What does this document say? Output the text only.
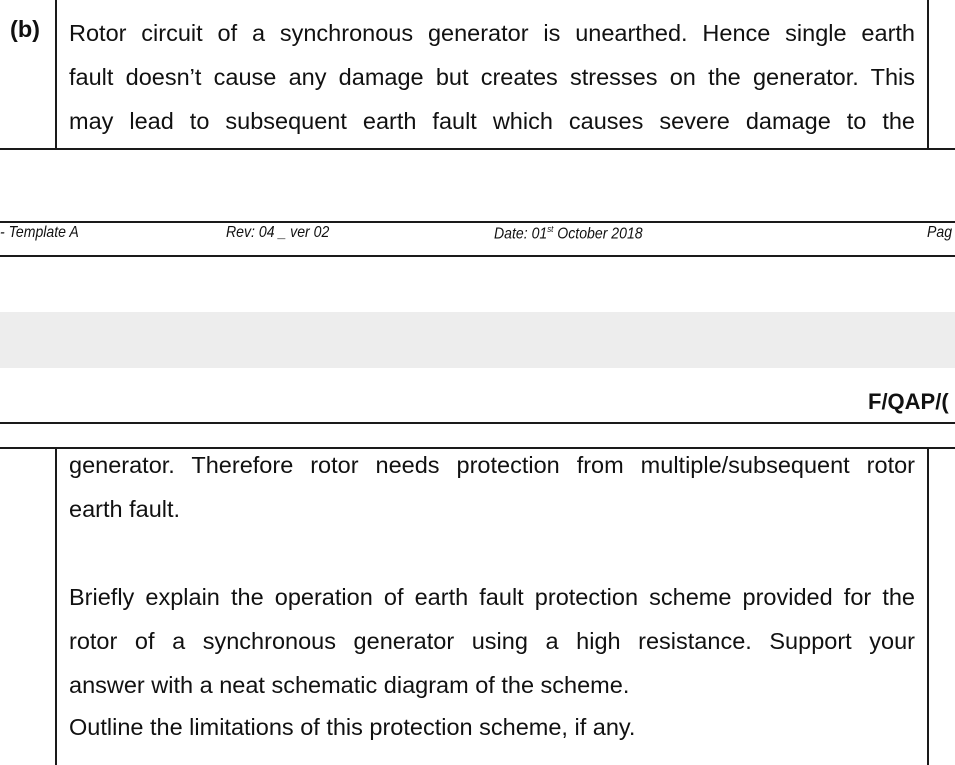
(b) Rotor circuit of a synchronous generator is unearthed. Hence single earth
fault doesn’t cause any damage but creates stresses on the generator. This
may lead to subsequent earth fault which causes severe damage to the
- Template A	Rev: 04 _ ver 02	Date: 01st October 2018	Pag
F/QAP/(
generator. Therefore rotor needs protection from multiple/subsequent rotor
earth fault.
Briefly explain the operation of earth fault protection scheme provided for the
rotor of a synchronous generator using a high resistance. Support your
answer with a neat schematic diagram of the scheme.
Outline the limitations of this protection scheme, if any.
